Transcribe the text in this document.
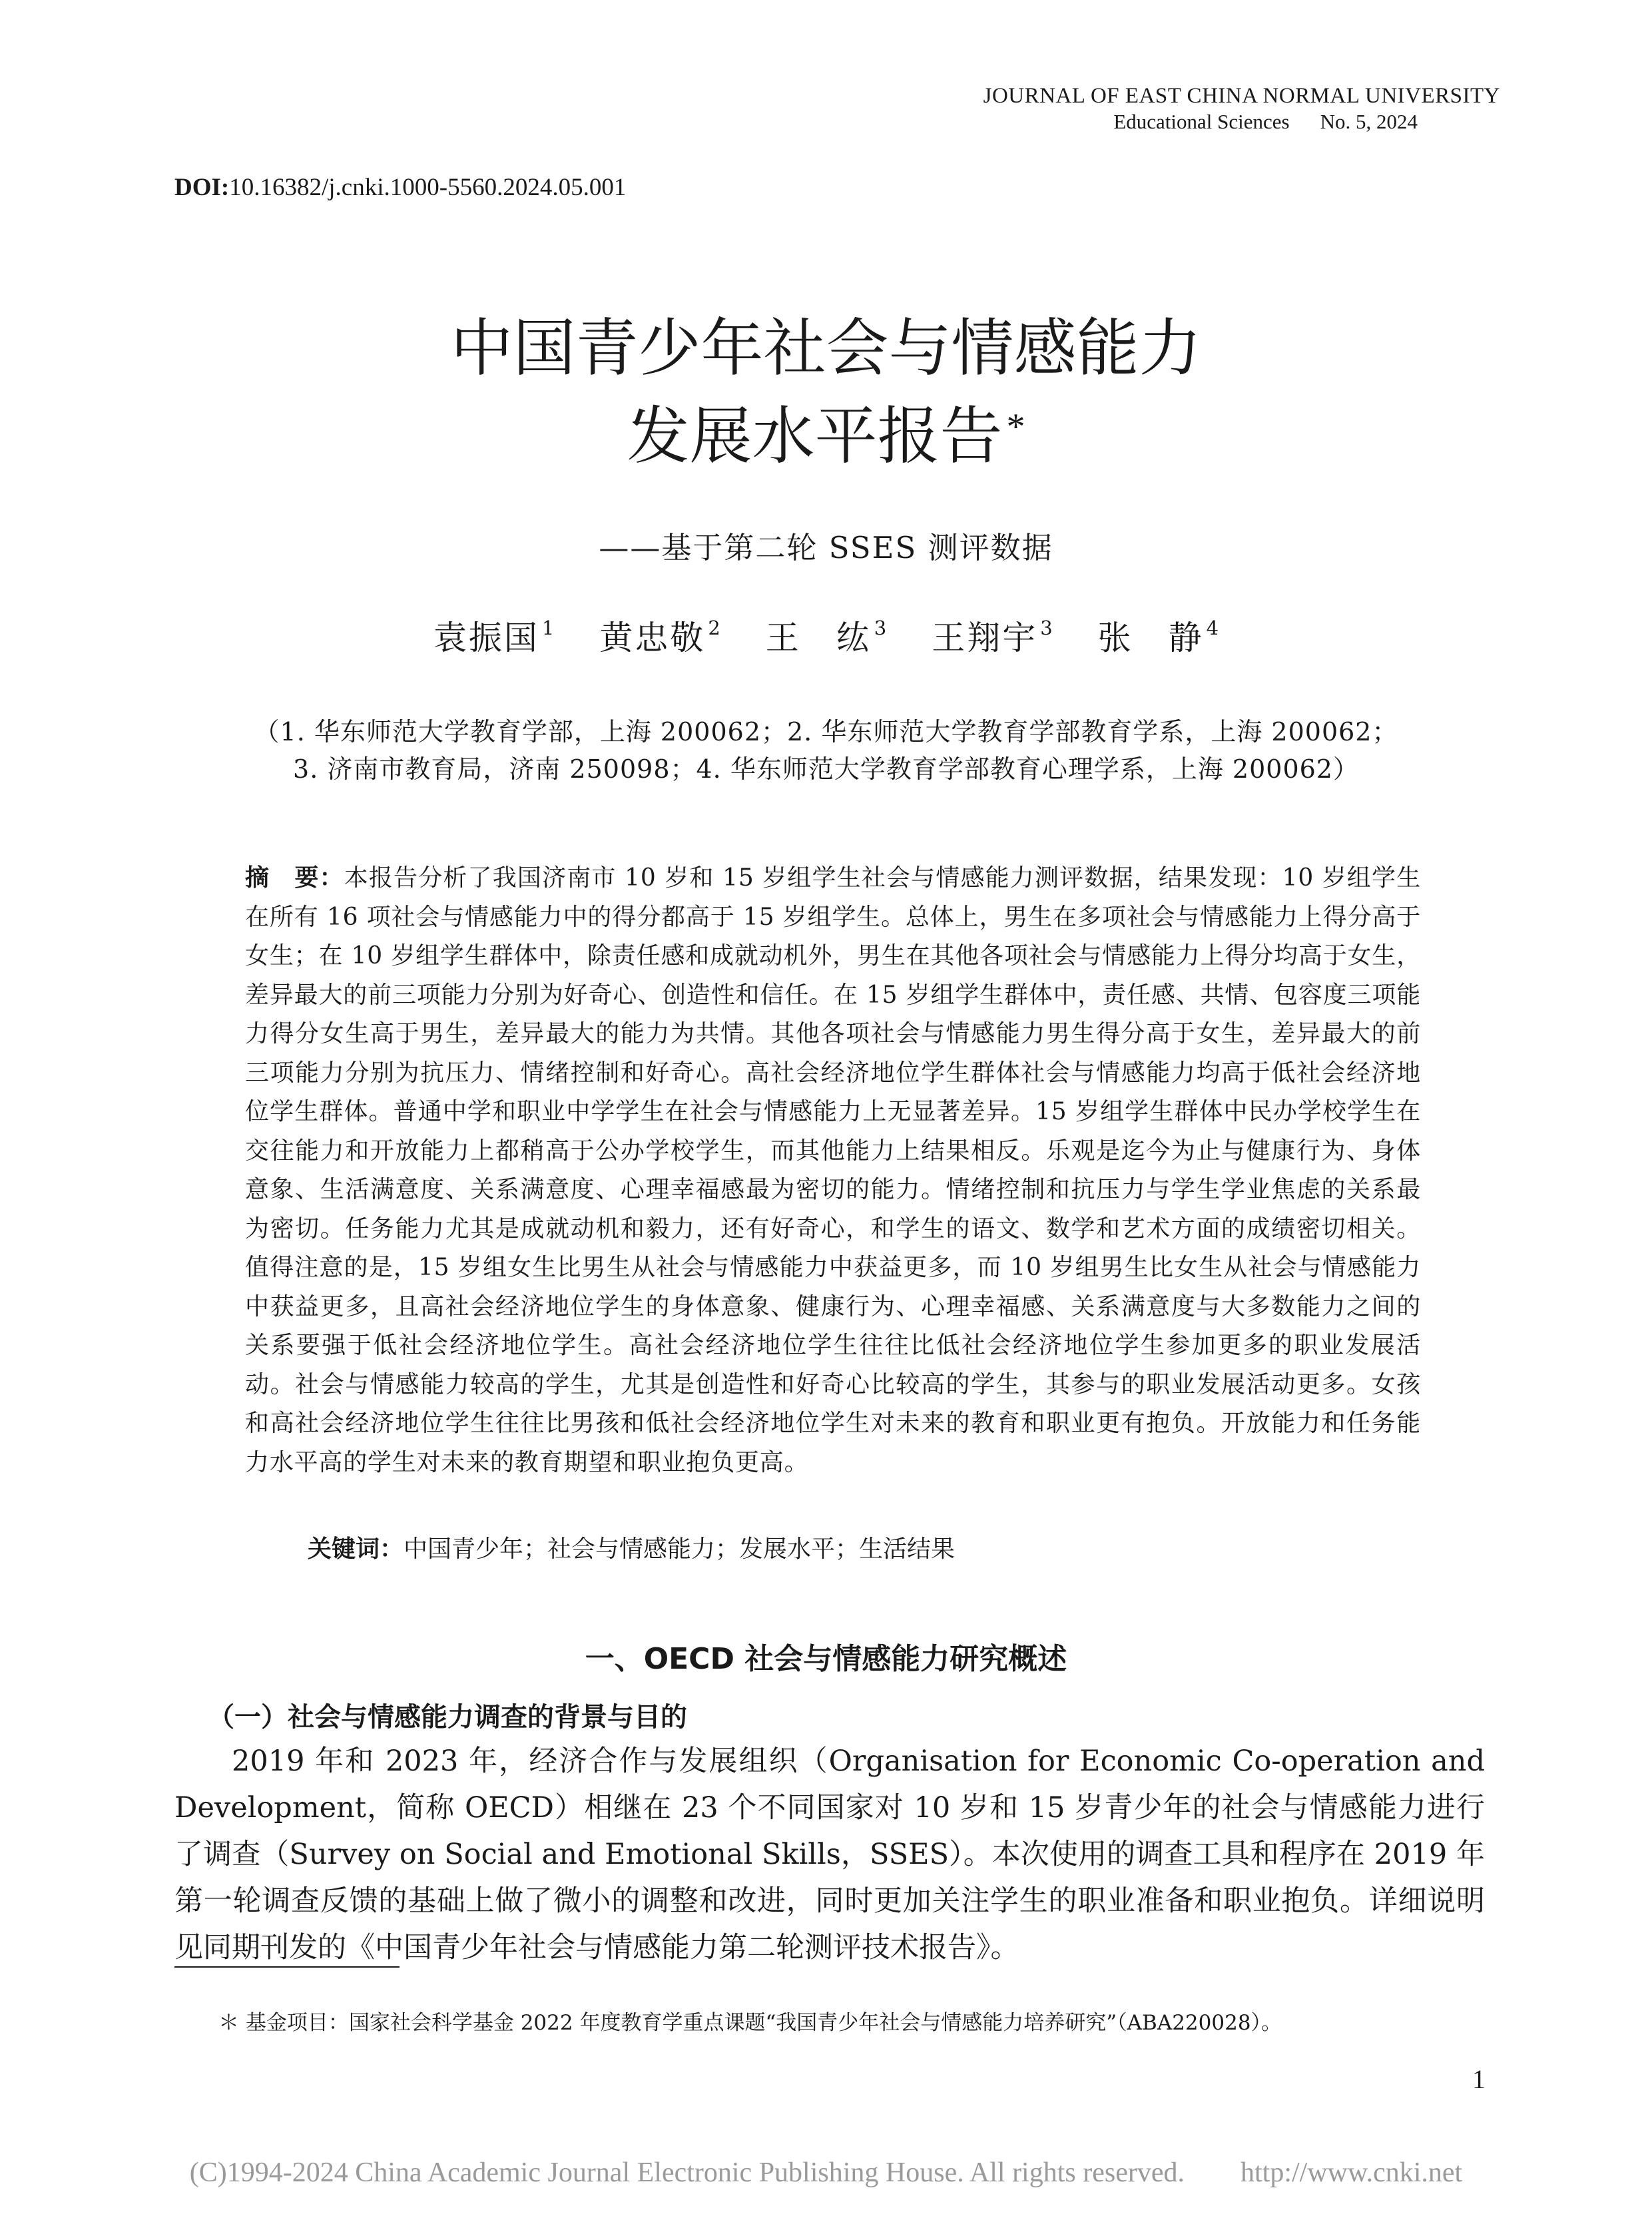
JOURNAL OF EAST CHINA NORMAL UNIVERSITY
Educational Sciences No. 5, 2024
DOI:10.16382/j.cnki.1000-5560.2024.05.001
中国青少年社会与情感能力
发展水平报告 *
——基于第二轮 SSES 测评数据
袁振国 $^1$ 黄忠敬 $^2$ 王　纮 $^3$ 王翔宇 $^3$ 张　静 $^4$
（1. 华东师范大学教育学部，上海 200062；2. 华东师范大学教育学部教育学系，上海 200062；
3. 济南市教育局，济南 250098；4. 华东师范大学教育学部教育心理学系，上海 200062）
摘　要：本报告分析了我国济南市 10 岁和 15 岁组学生社会与情感能力测评数据，结果发现：10 岁组学生在所有 16 项社会与情感能力中的得分都高于 15 岁组学生。总体上，男生在多项社会与情感能力上得分高于女生；在 10 岁组学生群体中，除责任感和成就动机外，男生在其他各项社会与情感能力上得分均高于女生，差异最大的前三项能力分别为好奇心、创造性和信任。在 15 岁组学生群体中，责任感、共情、包容度三项能力得分女生高于男生，差异最大的能力为共情。其他各项社会与情感能力男生得分高于女生，差异最大的前三项能力分别为抗压力、情绪控制和好奇心。高社会经济地位学生群体社会与情感能力均高于低社会经济地位学生群体。普通中学和职业中学学生在社会与情感能力上无显著差异。15 岁组学生群体中民办学校学生在交往能力和开放能力上都稍高于公办学校学生，而其他能力上结果相反。乐观是迄今为止与健康行为、身体意象、生活满意度、关系满意度、心理幸福感最为密切的能力。情绪控制和抗压力与学生学业焦虑的关系最为密切。任务能力尤其是成就动机和毅力，还有好奇心，和学生的语文、数学和艺术方面的成绩密切相关。值得注意的是，15 岁组女生比男生从社会与情感能力中获益更多，而 10 岁组男生比女生从社会与情感能力中获益更多，且高社会经济地位学生的身体意象、健康行为、心理幸福感、关系满意度与大多数能力之间的关系要强于低社会经济地位学生。高社会经济地位学生往往比低社会经济地位学生参加更多的职业发展活动。社会与情感能力较高的学生，尤其是创造性和好奇心比较高的学生，其参与的职业发展活动更多。女孩和高社会经济地位学生往往比男孩和低社会经济地位学生对未来的教育和职业更有抱负。开放能力和任务能力水平高的学生对未来的教育期望和职业抱负更高。
关键词：中国青少年；社会与情感能力；发展水平；生活结果
一、OECD 社会与情感能力研究概述
（一）社会与情感能力调查的背景与目的

2019 年和 2023 年，经济合作与发展组织（Organisation for Economic Co-operation and Development，简称 OECD）相继在 23 个不同国家对 10 岁和 15 岁青少年的社会与情感能力进行了调查（Survey on Social and Emotional Skills，SSES）。本次使用的调查工具和程序在 2019 年第一轮调查反馈的基础上做了微小的调整和改进，同时更加关注学生的职业准备和职业抱负。详细说明见同期刊发的《中国青少年社会与情感能力第二轮测评技术报告》。

＊ 基金项目：国家社会科学基金 2022 年度教育学重点课题“我国青少年社会与情感能力培养研究”（ABA220028）。
1
(C)1994-2024 China Academic Journal Electronic Publishing House. All rights reserved.　　http://www.cnki.net
